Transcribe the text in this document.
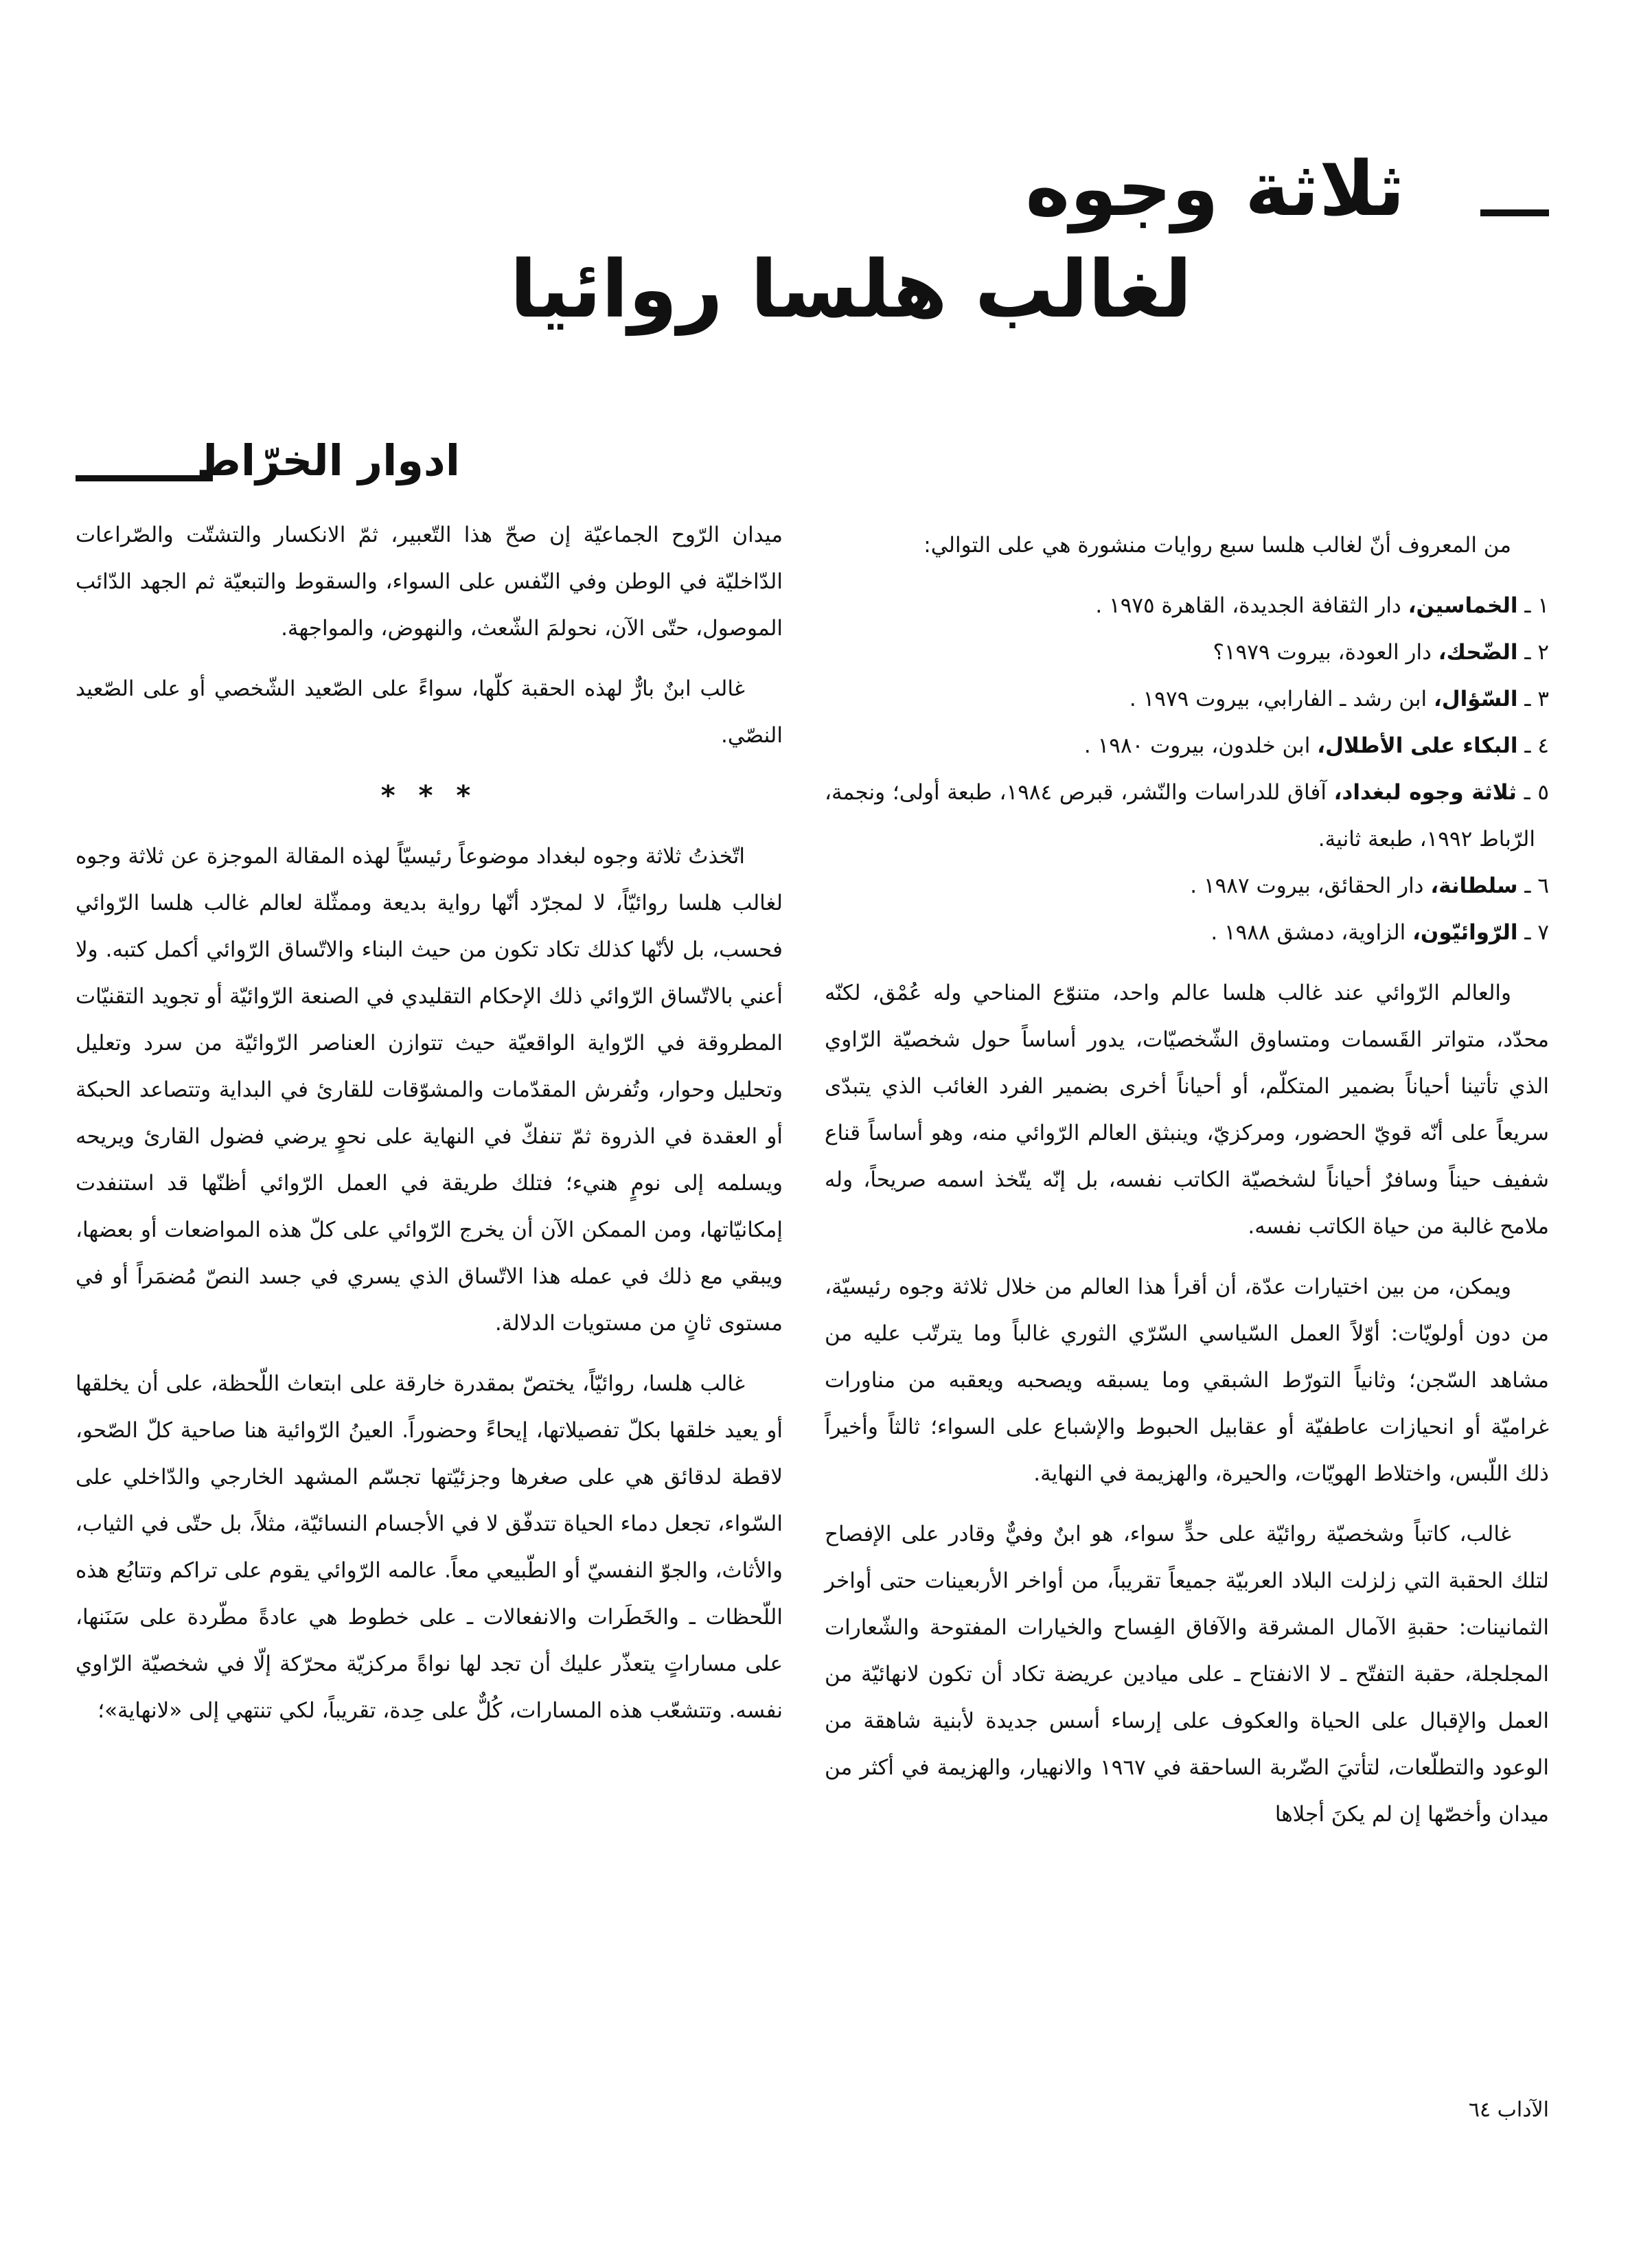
ثلاثة وجوه
لغالب هلسا روائيا
ادوار الخرّاط

من المعروف أنّ لغالب هلسا سبع روايات منشورة هي على التوالي:

١ ـ الخماسين، دار الثقافة الجديدة، القاهرة ١٩٧٥ .
٢ ـ الضّحك، دار العودة، بيروت ١٩٧٩؟
٣ ـ السّؤال، ابن رشد ـ الفارابي، بيروت ١٩٧٩ .
٤ ـ البكاء على الأطلال، ابن خلدون، بيروت ١٩٨٠ .
٥ ـ ثلاثة وجوه لبغداد، آفاق للدراسات والنّشر، قبرص ١٩٨٤، طبعة أولى؛ ونجمة، الرّباط ١٩٩٢، طبعة ثانية.
٦ ـ سلطانة، دار الحقائق، بيروت ١٩٨٧ .
٧ ـ الرّوائيّون، الزاوية، دمشق ١٩٨٨ .

والعالم الرّوائي عند غالب هلسا عالم واحد، متنوّع المناحي وله عُمْق، لكنّه محدّد، متواتر القَسمات ومتساوق الشّخصيّات، يدور أساساً حول شخصيّة الرّاوي الذي تأتينا أحياناً بضمير المتكلّم، أو أحياناً أخرى بضمير الفرد الغائب الذي يتبدّى سريعاً على أنّه قويّ الحضور، ومركزيّ، وينبثق العالم الرّوائي منه، وهو أساساً قناع شفيف حيناً وسافرٌ أحياناً لشخصيّة الكاتب نفسه، بل إنّه يتّخذ اسمه صريحاً، وله ملامح غالبة من حياة الكاتب نفسه.

ويمكن، من بين اختيارات عدّة، أن أقرأ هذا العالم من خلال ثلاثة وجوه رئيسيّة، من دون أولويّات: أوّلاً العمل السّياسي السّرّي الثوري غالباً وما يترتّب عليه من مشاهد السّجن؛ وثانياً التورّط الشبقي وما يسبقه ويصحبه ويعقبه من مناورات غراميّة أو انحيازات عاطفيّة أو عقابيل الحبوط والإشباع على السواء؛ ثالثاً وأخيراً ذلك اللّبس، واختلاط الهويّات، والحيرة، والهزيمة في النهاية.

غالب، كاتباً وشخصيّة روائيّة على حدٍّ سواء، هو ابنٌ وفيٌّ وقادر على الإفصاح لتلك الحقبة التي زلزلت البلاد العربيّة جميعاً تقريباً، من أواخر الأربعينات حتى أواخر الثمانينات: حقبةِ الآمال المشرقة والآفاق الفِساح والخيارات المفتوحة والشّعارات المجلجلة، حقبة التفتّح ـ لا الانفتاح ـ على ميادين عريضة تكاد أن تكون لانهائيّة من العمل والإقبال على الحياة والعكوف على إرساء أسس جديدة لأبنية شاهقة من الوعود والتطلّعات، لتأتيَ الضّربة الساحقة في ١٩٦٧ والانهيار، والهزيمة في أكثر من ميدان وأخصّها إن لم يكنَ أجلاها

ميدان الرّوح الجماعيّة إن صحّ هذا التّعبير، ثمّ الانكسار والتشتّت والصّراعات الدّاخليّة في الوطن وفي النّفس على السواء، والسقوط والتبعيّة ثم الجهد الدّائب الموصول، حتّى الآن، نحولمَ الشّعث، والنهوض، والمواجهة.

غالب ابنٌ بارٌّ لهذه الحقبة كلّها، سواءً على الصّعيد الشّخصي أو على الصّعيد النصّي.

* * *

اتّخذتُ ثلاثة وجوه لبغداد موضوعاً رئيسيّاً لهذه المقالة الموجزة عن ثلاثة وجوه لغالب هلسا روائيّاً، لا لمجرّد أنّها رواية بديعة وممثّلة لعالم غالب هلسا الرّوائي فحسب، بل لأنّها كذلك تكاد تكون من حيث البناء والاتّساق الرّوائي أكمل كتبه. ولا أعني بالاتّساق الرّوائي ذلك الإحكام التقليدي في الصنعة الرّوائيّة أو تجويد التقنيّات المطروقة في الرّواية الواقعيّة حيث تتوازن العناصر الرّوائيّة من سرد وتعليل وتحليل وحوار، وتُفرش المقدّمات والمشوّقات للقارئ في البداية وتتصاعد الحبكة أو العقدة في الذروة ثمّ تنفكّ في النهاية على نحوٍ يرضي فضول القارئ ويريحه ويسلمه إلى نومٍ هنيء؛ فتلك طريقة في العمل الرّوائي أظنّها قد استنفدت إمكانيّاتها، ومن الممكن الآن أن يخرج الرّوائي على كلّ هذه المواضعات أو بعضها، ويبقي مع ذلك في عمله هذا الاتّساق الذي يسري في جسد النصّ مُضمَراً أو في مستوى ثانٍ من مستويات الدلالة.

غالب هلسا، روائيّاً، يختصّ بمقدرة خارقة على ابتعاث اللّحظة، على أن يخلقها أو يعيد خلقها بكلّ تفصيلاتها، إيحاءً وحضوراً. العينُ الرّوائية هنا صاحية كلّ الصّحو، لاقطة لدقائق هي على صغرها وجزئيّتها تجسّم المشهد الخارجي والدّاخلي على السّواء، تجعل دماء الحياة تتدفّق لا في الأجسام النسائيّة، مثلاً، بل حتّى في الثياب، والأثاث، والجوّ النفسيّ أو الطّبيعي معاً. عالمه الرّوائي يقوم على تراكم وتتابُع هذه اللّحظات ـ والخَطَرات والانفعالات ـ على خطوط هي عادةً مطّردة على سَنَنها، على مساراتٍ يتعذّر عليك أن تجد لها نواةً مركزيّة محرّكة إلّا في شخصيّة الرّاوي نفسه. وتتشعّب هذه المسارات، كُلٌّ على حِدة، تقريباً، لكي تنتهي إلى «لانهاية»؛

الآداب ٦٤
